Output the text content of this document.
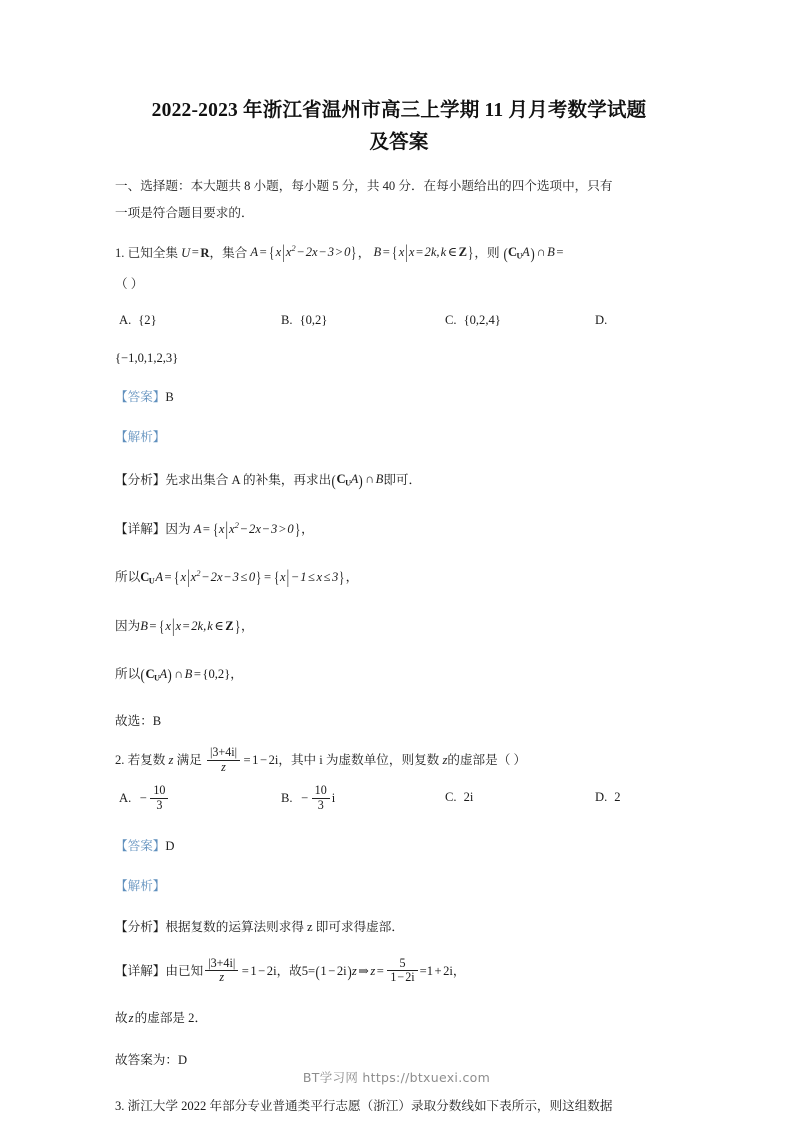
2022-2023 年浙江省温州市高三上学期 11 月月考数学试题
及答案
一、选择题：本大题共 8 小题，每小题 5 分，共 40 分．在每小题给出的四个选项中，只有
一项是符合题目要求的．
1. 已知全集 U = R，集合 $A = \{x|x^2 - 2x - 3 > 0\}$， B = {x|x = 2k, k ∈ Z}，则 $(C_UA)$ ∩ B =
（ ）
A. {2}	B. {0,2}	C. {0,2,4}	D.
{−1,0,1,2,3}
【答案】B
【解析】
【分析】先求出集合 A 的补集，再求出$(C_UA)$ ∩ B即可．
【详解】因为 $A = \{x|x^2 - 2x - 3 > 0\}$，
所以$C_U$ $A = \{x|x^2 - 2x - 3 \le 0\} = \{x| - 1 \le x \le 3\}$，
因为B = {x|x = 2k, k ∈ Z}，
所以$(C_UA)$ ∩ B = {0,2}，
故选：B
2. 若复数 z 满足 $\frac{|3+4i|}{z} = 1 - 2i$，其中 i 为虚数单位，则复数 z的虚部是（ ）
A. − $\frac{10}{3}$	B. − $\frac{10}{3}$ i	C. 2i	D. 2
【答案】D
【解析】
【分析】根据复数的运算法则求得 z 即可求得虚部．
【详解】由已知 $\frac{|3+4i|}{z} = 1 - 2i$，故5=(1 − 2i)z ⇒ $z = \frac{5}{1 - 2i} =1 + 2i$，
故 z 的虚部是 2．
故答案为：D
3. 浙江大学 2022 年部分专业普通类平行志愿（浙江）录取分数线如下表所示，则这组数据
BT学习网 https://btxuexi.com
